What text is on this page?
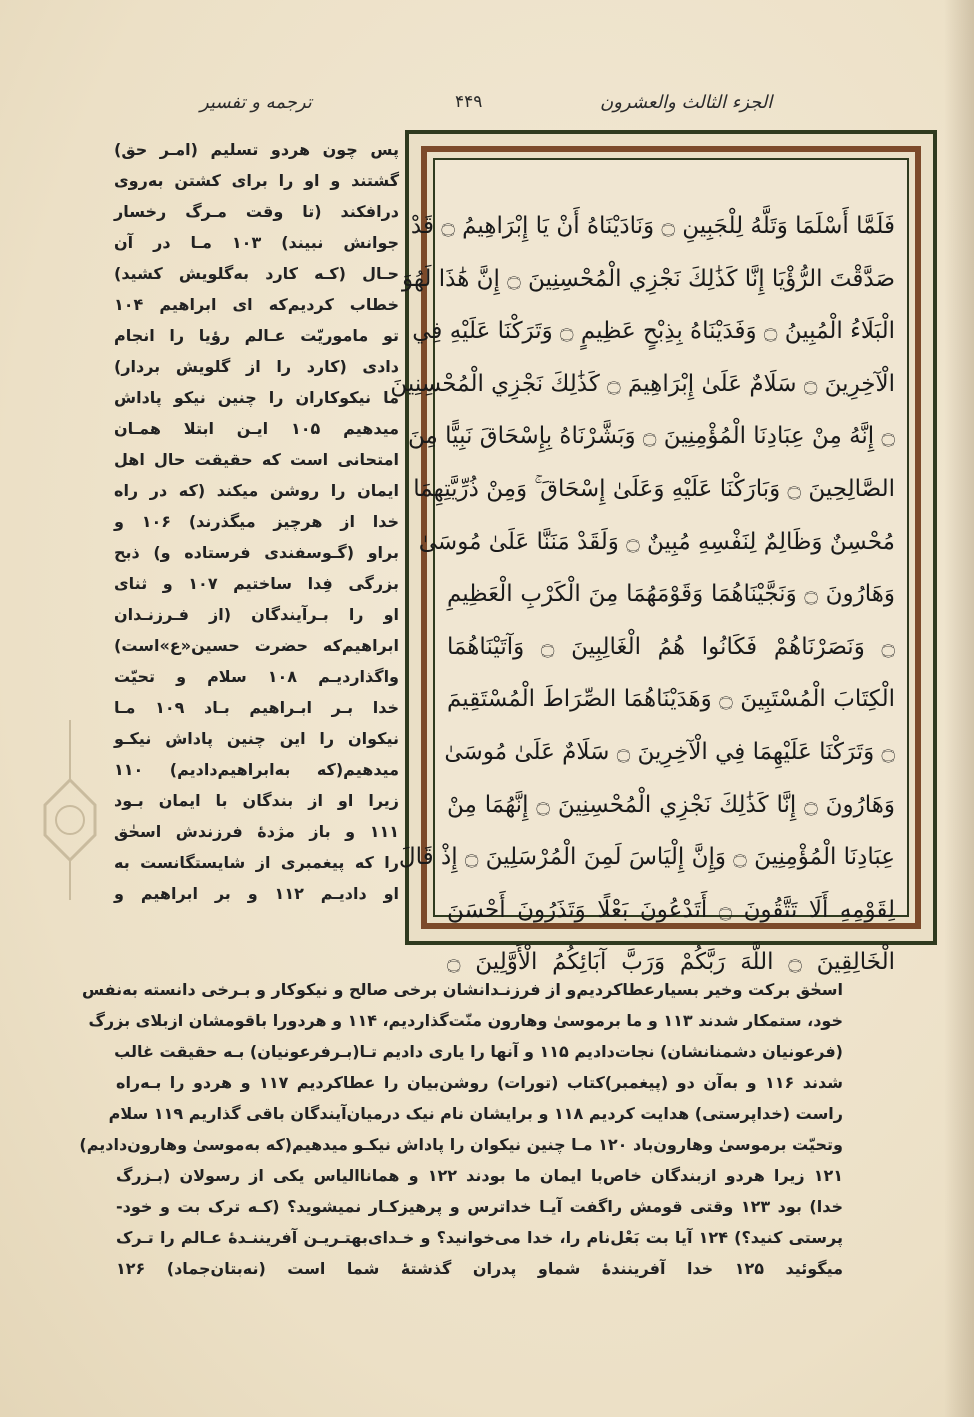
ترجمه و تفسیر	۴۴۹	الجزء الثالث والعشرون
فَلَمَّا أَسْلَمَا وَتَلَّهُ لِلْجَبِينِ ۝ وَنَادَيْنَاهُ أَنْ يَا إِبْرَاهِيمُ ۝ قَدْ
صَدَّقْتَ الرُّؤْيَا إِنَّا كَذَٰلِكَ نَجْزِي الْمُحْسِنِينَ ۝ إِنَّ هَٰذَا لَهُوَ
الْبَلَاءُ الْمُبِينُ ۝ وَفَدَيْنَاهُ بِذِبْحٍ عَظِيمٍ ۝ وَتَرَكْنَا عَلَيْهِ فِي
الْآخِرِينَ ۝ سَلَامٌ عَلَىٰ إِبْرَاهِيمَ ۝ كَذَٰلِكَ نَجْزِي الْمُحْسِنِينَ
۝ إِنَّهُ مِنْ عِبَادِنَا الْمُؤْمِنِينَ ۝ وَبَشَّرْنَاهُ بِإِسْحَاقَ نَبِيًّا مِنَ
الصَّالِحِينَ ۝ وَبَارَكْنَا عَلَيْهِ وَعَلَىٰ إِسْحَاقَ ۚ وَمِنْ ذُرِّيَّتِهِمَا
مُحْسِنٌ وَظَالِمٌ لِنَفْسِهِ مُبِينٌ ۝ وَلَقَدْ مَنَنَّا عَلَىٰ مُوسَىٰ
وَهَارُونَ ۝ وَنَجَّيْنَاهُمَا وَقَوْمَهُمَا مِنَ الْكَرْبِ الْعَظِيمِ
۝ وَنَصَرْنَاهُمْ فَكَانُوا هُمُ الْغَالِبِينَ ۝ وَآتَيْنَاهُمَا
الْكِتَابَ الْمُسْتَبِينَ ۝ وَهَدَيْنَاهُمَا الصِّرَاطَ الْمُسْتَقِيمَ
۝ وَتَرَكْنَا عَلَيْهِمَا فِي الْآخِرِينَ ۝ سَلَامٌ عَلَىٰ مُوسَىٰ
وَهَارُونَ ۝ إِنَّا كَذَٰلِكَ نَجْزِي الْمُحْسِنِينَ ۝ إِنَّهُمَا مِنْ
عِبَادِنَا الْمُؤْمِنِينَ ۝ وَإِنَّ إِلْيَاسَ لَمِنَ الْمُرْسَلِينَ ۝ إِذْ قَالَ
لِقَوْمِهِ أَلَا تَتَّقُونَ ۝ أَتَدْعُونَ بَعْلًا وَتَذَرُونَ أَحْسَنَ
الْخَالِقِينَ ۝ اللَّهَ رَبَّكُمْ وَرَبَّ آبَائِكُمُ الْأَوَّلِينَ ۝
پس چون هردو تسلیم (امـر حق)
گشتند و او را برای کشتن به‌روی
درافکند (تا وقت مـرگ رخسار
جوانش نبیند) ۱۰۳ مـا در آن
حـال (کـه کارد به‌گلویش کشید)
خطاب کردیم‌که ای ابراهیم ۱۰۴
تو ماموریّت عـالم رؤیا را انجام
دادی (کارد را از گلویش بردار)
ما نیکوکاران را چنین نیکو پاداش
میدهیم ۱۰۵ ایـن ابتلا همـان
امتحانی است که حقیقت حال اهل
ایمان را روشن میکند (که در راه
خدا از هرچیز میگذرند) ۱۰۶ و
براو (گـوسفندی فرستاده و) ذبح
بزرگی فِدا ساختیم ۱۰۷ و ثنای
او را بـرآیندگان (از فـرزنـدان
ابراهیم‌که حضرت حسین«ع»است)
واگذارديـم ۱۰۸ سلام و تحیّت
خدا بـر ابـراهیم بـاد ۱۰۹ مـا
نیکوان را این چنین پاداش نیکـو
میدهیم(که به‌ابراهیم‌دادیم) ۱۱۰
زیرا او از بندگان با ایمان بـود
۱۱۱ و باز مژدهٔ فرزندش اسحٰق
را که پیغمبری از شایستگانست به
او دادیـم ۱۱۲ و بر ابراهیم و
اسحٰق برکت وخیر بسیارعطاکردیم‌و از فرزنـدانشان برخی صالح و نیکوکار و بـرخی دانسته به‌نفس
خود، ستمکار شدند ۱۱۳ و ما برموسیٰ وهارون منّت‌گذاردیم، ۱۱۴ و هردورا باقومشان ازبلای بزرگ
(فرعونیان دشمنانشان) نجات‌دادیم ۱۱۵ و آنها را یاری دادیم تـا(بـرفرعونیان) بـه حقیقت غالب
شدند ۱۱۶ و به‌آن دو (پیغمبر)کتاب (تورات) روشن‌بیان را عطاکردیم ۱۱۷ و هردو را بـه‌راه
راست (خداپرستی) هدایت کردیم ۱۱۸ و برایشان نام نیک درمیان‌آیندگان باقی گذاریم ۱۱۹ سلام
وتحیّت برموسیٰ وهارون‌باد ۱۲۰ مـا چنین نیکوان را پاداش نیکـو میدهیم(که به‌موسیٰ وهارون‌دادیم)
۱۲۱ زیرا هردو ازبندگان خاص‌با ایمان ما بودند ۱۲۲ و هماناالیاس یکی از رسولان (بـزرگ
خدا) بود ۱۲۳ وقتی قومش راگفت آیـا خداترس و پرهیزکـار نمیشوید؟ (کـه ترک بت و خود-
پرستی کنید؟) ۱۲۴ آیا بت بَعْل‌نام را، خدا می‌خوانید؟ و خـدای‌بهتـریـن آفریننـدهٔ عـالم را تـرک
میگوئید ۱۲۵ خدا آفرینندهٔ شماو پدران گذشتهٔ شما است (نه‌بتان‌جماد) ۱۲۶
